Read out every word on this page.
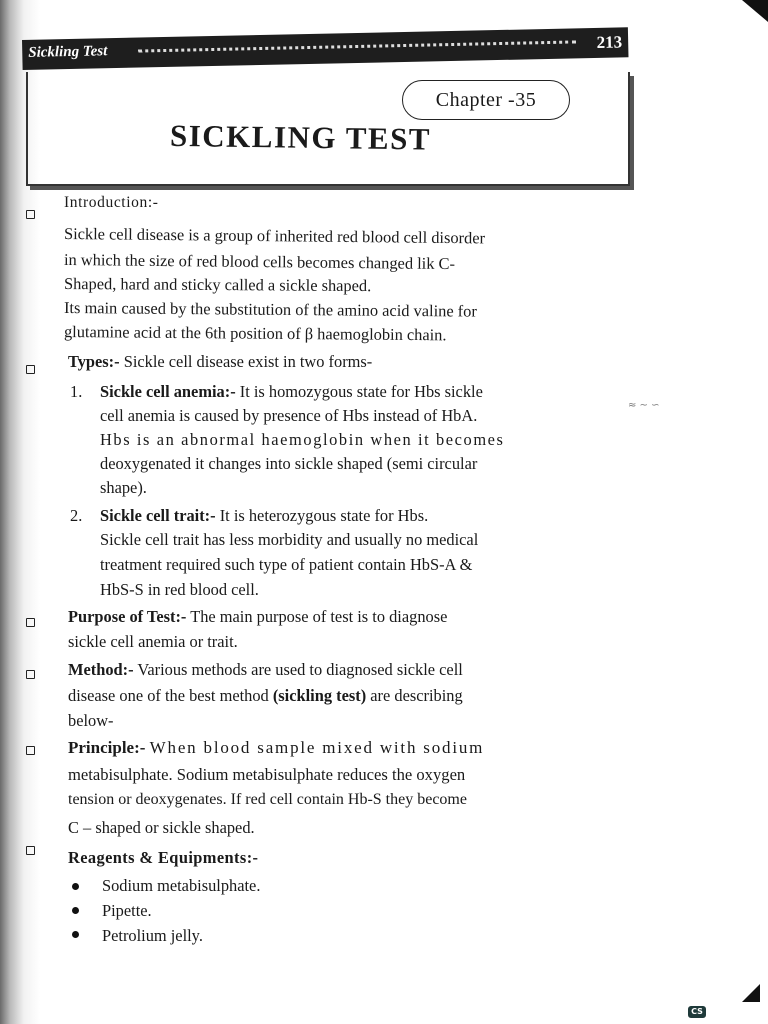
CS
Sickling Test
213
Chapter -35
SICKLING TEST
Introduction:-
Sickle cell disease is a group of inherited red blood cell disorder
in which the size of red blood cells becomes changed lik C-
Shaped, hard and sticky called a sickle shaped.
Its main caused by the substitution of the amino acid valine for
glutamine acid at the 6th position of β haemoglobin chain.
Types:- Sickle cell disease exist in two forms-
1. Sickle cell anemia:- It is homozygous state for Hbs sickle
cell anemia is caused by presence of Hbs instead of HbA.
Hbs is an abnormal haemoglobin when it becomes
deoxygenated it changes into sickle shaped (semi circular
shape).
≈ ∼ ∽
2. Sickle cell trait:- It is heterozygous state for Hbs.
Sickle cell trait has less morbidity and usually no medical
treatment required such type of patient contain HbS-A &
HbS-S in red blood cell.
Purpose of Test:- The main purpose of test is to diagnose
sickle cell anemia or trait.
Method:- Various methods are used to diagnosed sickle cell
disease one of the best method (sickling test) are describing
below-
Principle:- When blood sample mixed with sodium
metabisulphate. Sodium metabisulphate reduces the oxygen
tension or deoxygenates. If red cell contain Hb-S they become
C – shaped or sickle shaped.
Reagents & Equipments:-
Sodium metabisulphate.
Pipette.
Petrolium jelly.
